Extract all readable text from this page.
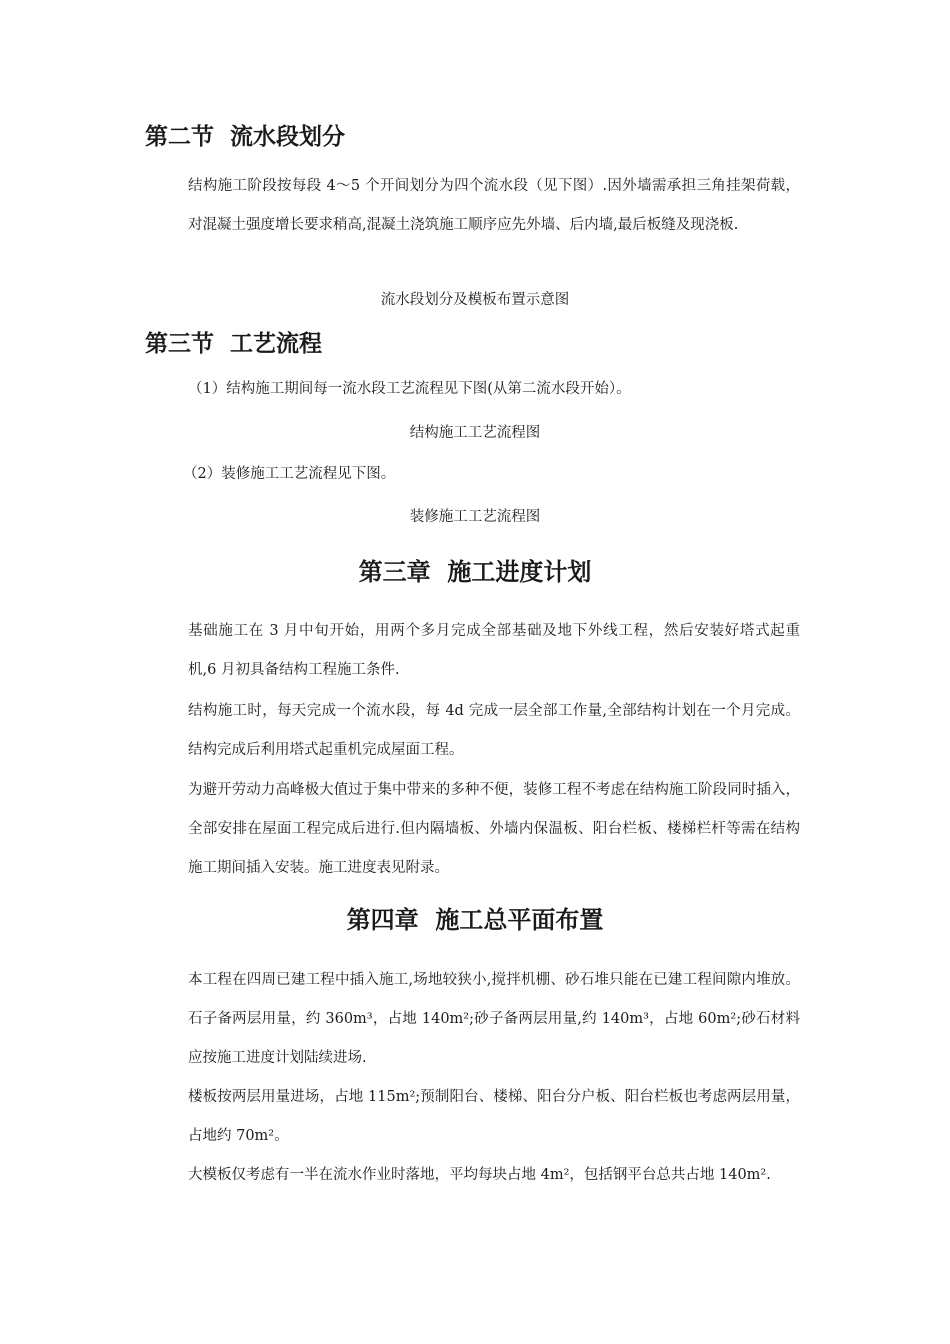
第二节  流水段划分

结构施工阶段按每段 4～5 个开间划分为四个流水段（见下图）.因外墙需承担三角挂架荷载，对混凝土强度增长要求稍高,混凝土浇筑施工顺序应先外墙、后内墙,最后板缝及现浇板.

流水段划分及模板布置示意图

第三节  工艺流程

（1）结构施工期间每一流水段工艺流程见下图(从第二流水段开始）。

结构施工工艺流程图

（2）装修施工工艺流程见下图。

装修施工工艺流程图

第三章  施工进度计划

基础施工在 3 月中旬开始，用两个多月完成全部基础及地下外线工程，然后安装好塔式起重机,6 月初具备结构工程施工条件.

结构施工时，每天完成一个流水段，每 4d 完成一层全部工作量,全部结构计划在一个月完成。结构完成后利用塔式起重机完成屋面工程。

为避开劳动力高峰极大值过于集中带来的多种不便，装修工程不考虑在结构施工阶段同时插入，全部安排在屋面工程完成后进行.但内隔墙板、外墙内保温板、阳台栏板、楼梯栏杆等需在结构施工期间插入安装。施工进度表见附录。

第四章  施工总平面布置

本工程在四周已建工程中插入施工,场地较狭小,搅拌机棚、砂石堆只能在已建工程间隙内堆放。石子备两层用量，约 360m³，占地 140m²;砂子备两层用量,约 140m³，占地 60m²;砂石材料应按施工进度计划陆续进场.

楼板按两层用量进场，占地 115m²;预制阳台、楼梯、阳台分户板、阳台栏板也考虑两层用量，占地约 70m²。

大模板仅考虑有一半在流水作业时落地，平均每块占地 4m²，包括钢平台总共占地 140m².
